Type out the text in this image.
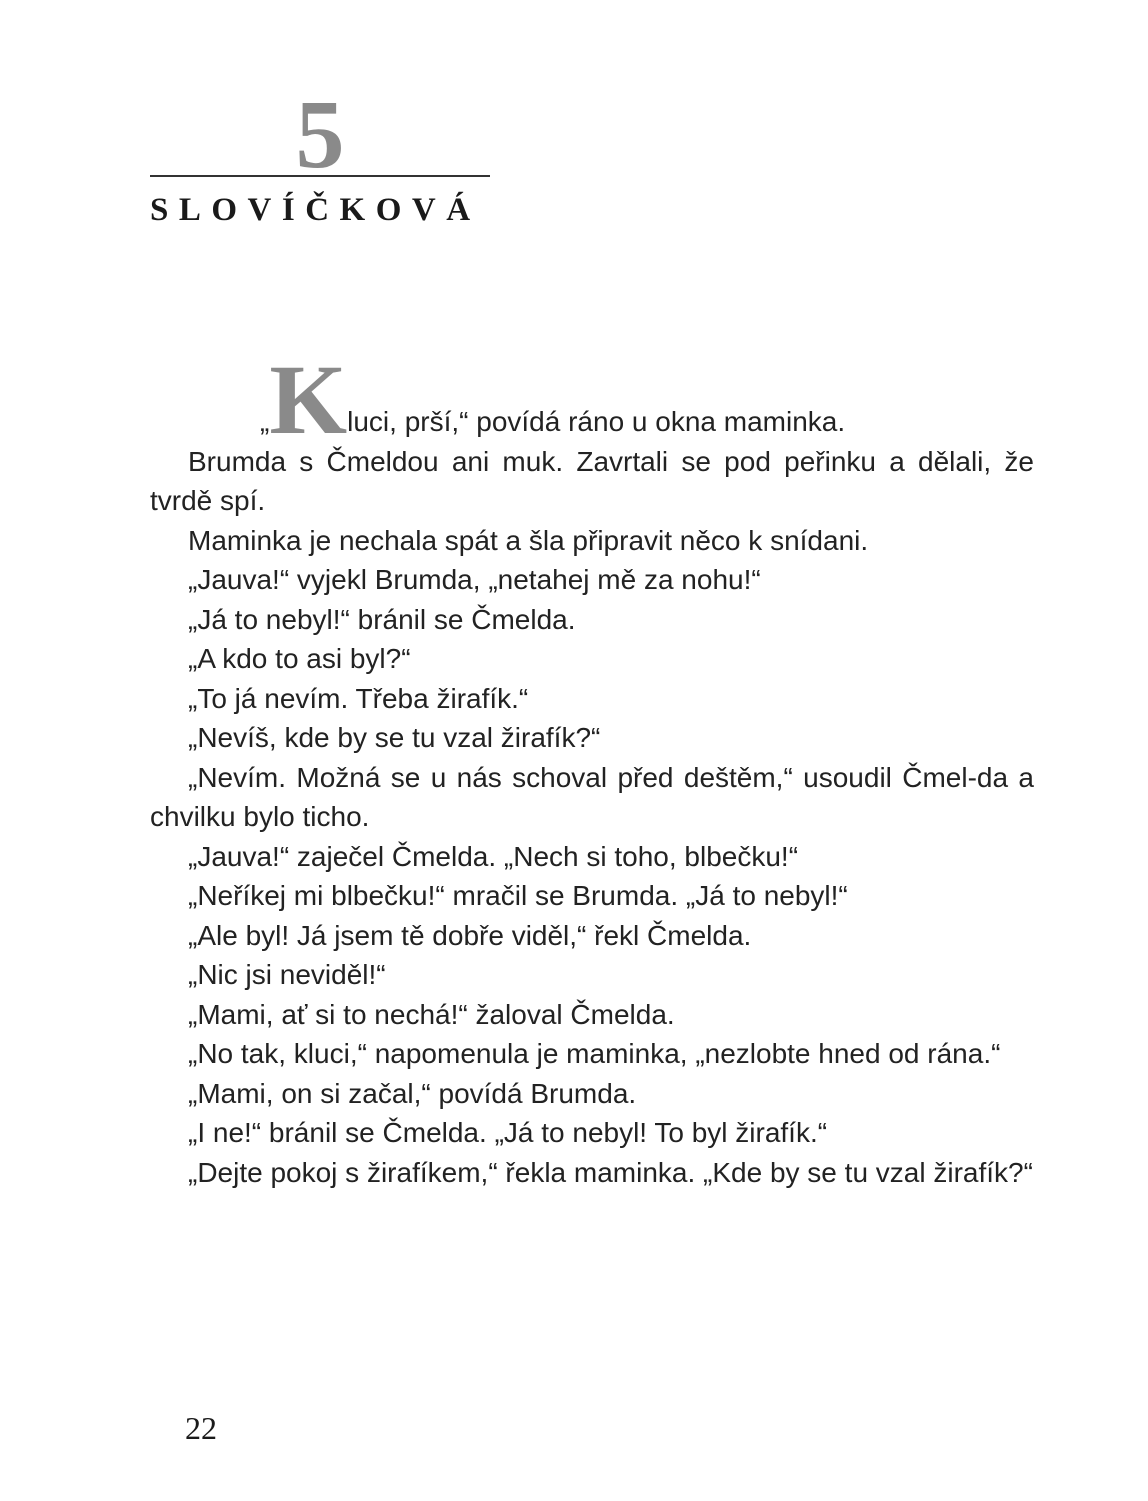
5
SLOVÍČKOVÁ

„Kluci, prší,“ povídá ráno u okna maminka.

Brumda s Čmeldou ani muk. Zavrtali se pod peřinku a dělali, že tvrdě spí.

Maminka je nechala spát a šla připravit něco k snídani.

„Jauva!“ vyjekl Brumda, „netahej mě za nohu!“

„Já to nebyl!“ bránil se Čmelda.

„A kdo to asi byl?“

„To já nevím. Třeba žirafík.“

„Nevíš, kde by se tu vzal žirafík?“

„Nevím. Možná se u nás schoval před deštěm,“ usoudil Čmel-da a chvilku bylo ticho.

„Jauva!“ zaječel Čmelda. „Nech si toho, blbečku!“

„Neříkej mi blbečku!“ mračil se Brumda. „Já to nebyl!“

„Ale byl! Já jsem tě dobře viděl,“ řekl Čmelda.

„Nic jsi neviděl!“

„Mami, ať si to nechá!“ žaloval Čmelda.

„No tak, kluci,“ napomenula je maminka, „nezlobte hned od rána.“

„Mami, on si začal,“ povídá Brumda.

„I ne!“ bránil se Čmelda. „Já to nebyl! To byl žirafík.“

„Dejte pokoj s žirafíkem,“ řekla maminka. „Kde by se tu vzal žirafík?“

22
